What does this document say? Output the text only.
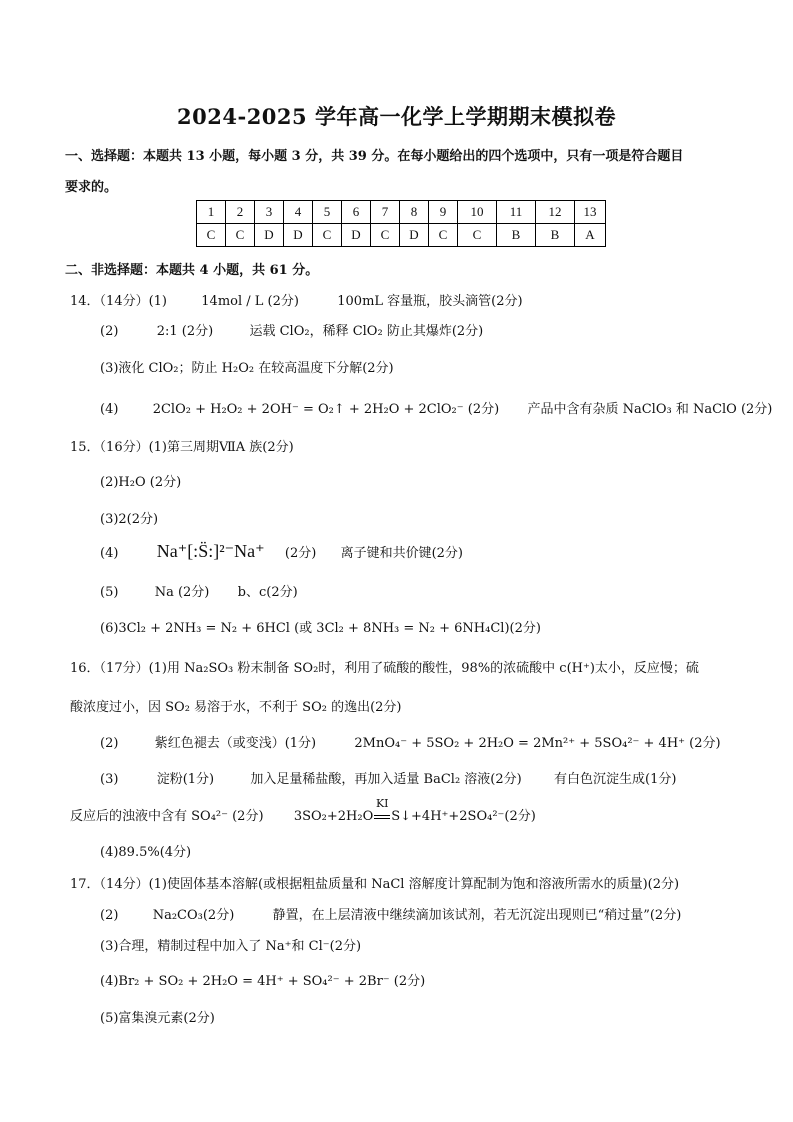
2024-2025 学年高一化学上学期期末模拟卷
一、选择题：本题共 13 小题，每小题 3 分，共 39 分。在每小题给出的四个选项中，只有一项是符合题目
要求的。
1	2	3	4	5	6	7	8	9	10	11	12	13
C	C	D	D	C	D	C	D	C	C	B	B	A
二、非选择题：本题共 4 小题，共 61 分。
14．（14分）(1)	14mol / L (2分)	100mL 容量瓶，胶头滴管(2分)
(2)	2:1 (2分)	运载 ClO₂，稀释 ClO₂ 防止其爆炸(2分)
(3)液化 ClO₂；防止 H₂O₂ 在较高温度下分解(2分)
(4)	2ClO₂ + H₂O₂ + 2OH⁻ = O₂↑ + 2H₂O + 2ClO₂⁻ (2分) 产品中含有杂质 NaClO₃ 和 NaClO (2分)
15．（16分）(1)第三周期ⅦA 族(2分)
(2)H₂O (2分)
(3)2(2分)
(4) Na⁺[:S̈:]²⁻Na⁺ (2分) 离子键和共价键(2分)
(5)	Na (2分) b、c(2分)
(6)3Cl₂ + 2NH₃ = N₂ + 6HCl (或 3Cl₂ + 8NH₃ = N₂ + 6NH₄Cl)(2分)
16．（17分）(1)用 Na₂SO₃ 粉末制备 SO₂时，利用了硫酸的酸性，98%的浓硫酸中 c(H⁺)太小，反应慢；硫
酸浓度过小，因 SO₂ 易溶于水，不利于 SO₂ 的逸出(2分)
(2)	紫红色褪去（或变浅）(1分)	2MnO₄⁻ + 5SO₂ + 2H₂O = 2Mn²⁺ + 5SO₄²⁻ + 4H⁺ (2分)
(3)	淀粉(1分)	加入足量稀盐酸，再加入适量 BaCl₂ 溶液(2分) 有白色沉淀生成(1分)
反应后的浊液中含有 SO₄²⁻ (2分) 3SO₂+2H₂O
KI
S↓+4H⁺+2SO₄²⁻(2分)
(4)89.5%(4分)
17．（14分）(1)使固体基本溶解(或根据粗盐质量和 NaCl 溶解度计算配制为饱和溶液所需水的质量)(2分)
(2)	Na₂CO₃(2分)	静置，在上层清液中继续滴加该试剂，若无沉淀出现则已“稍过量”(2分)
(3)合理，精制过程中加入了 Na⁺和 Cl⁻(2分)
(4)Br₂ + SO₂ + 2H₂O = 4H⁺ + SO₄²⁻ + 2Br⁻ (2分)
(5)富集溴元素(2分)
